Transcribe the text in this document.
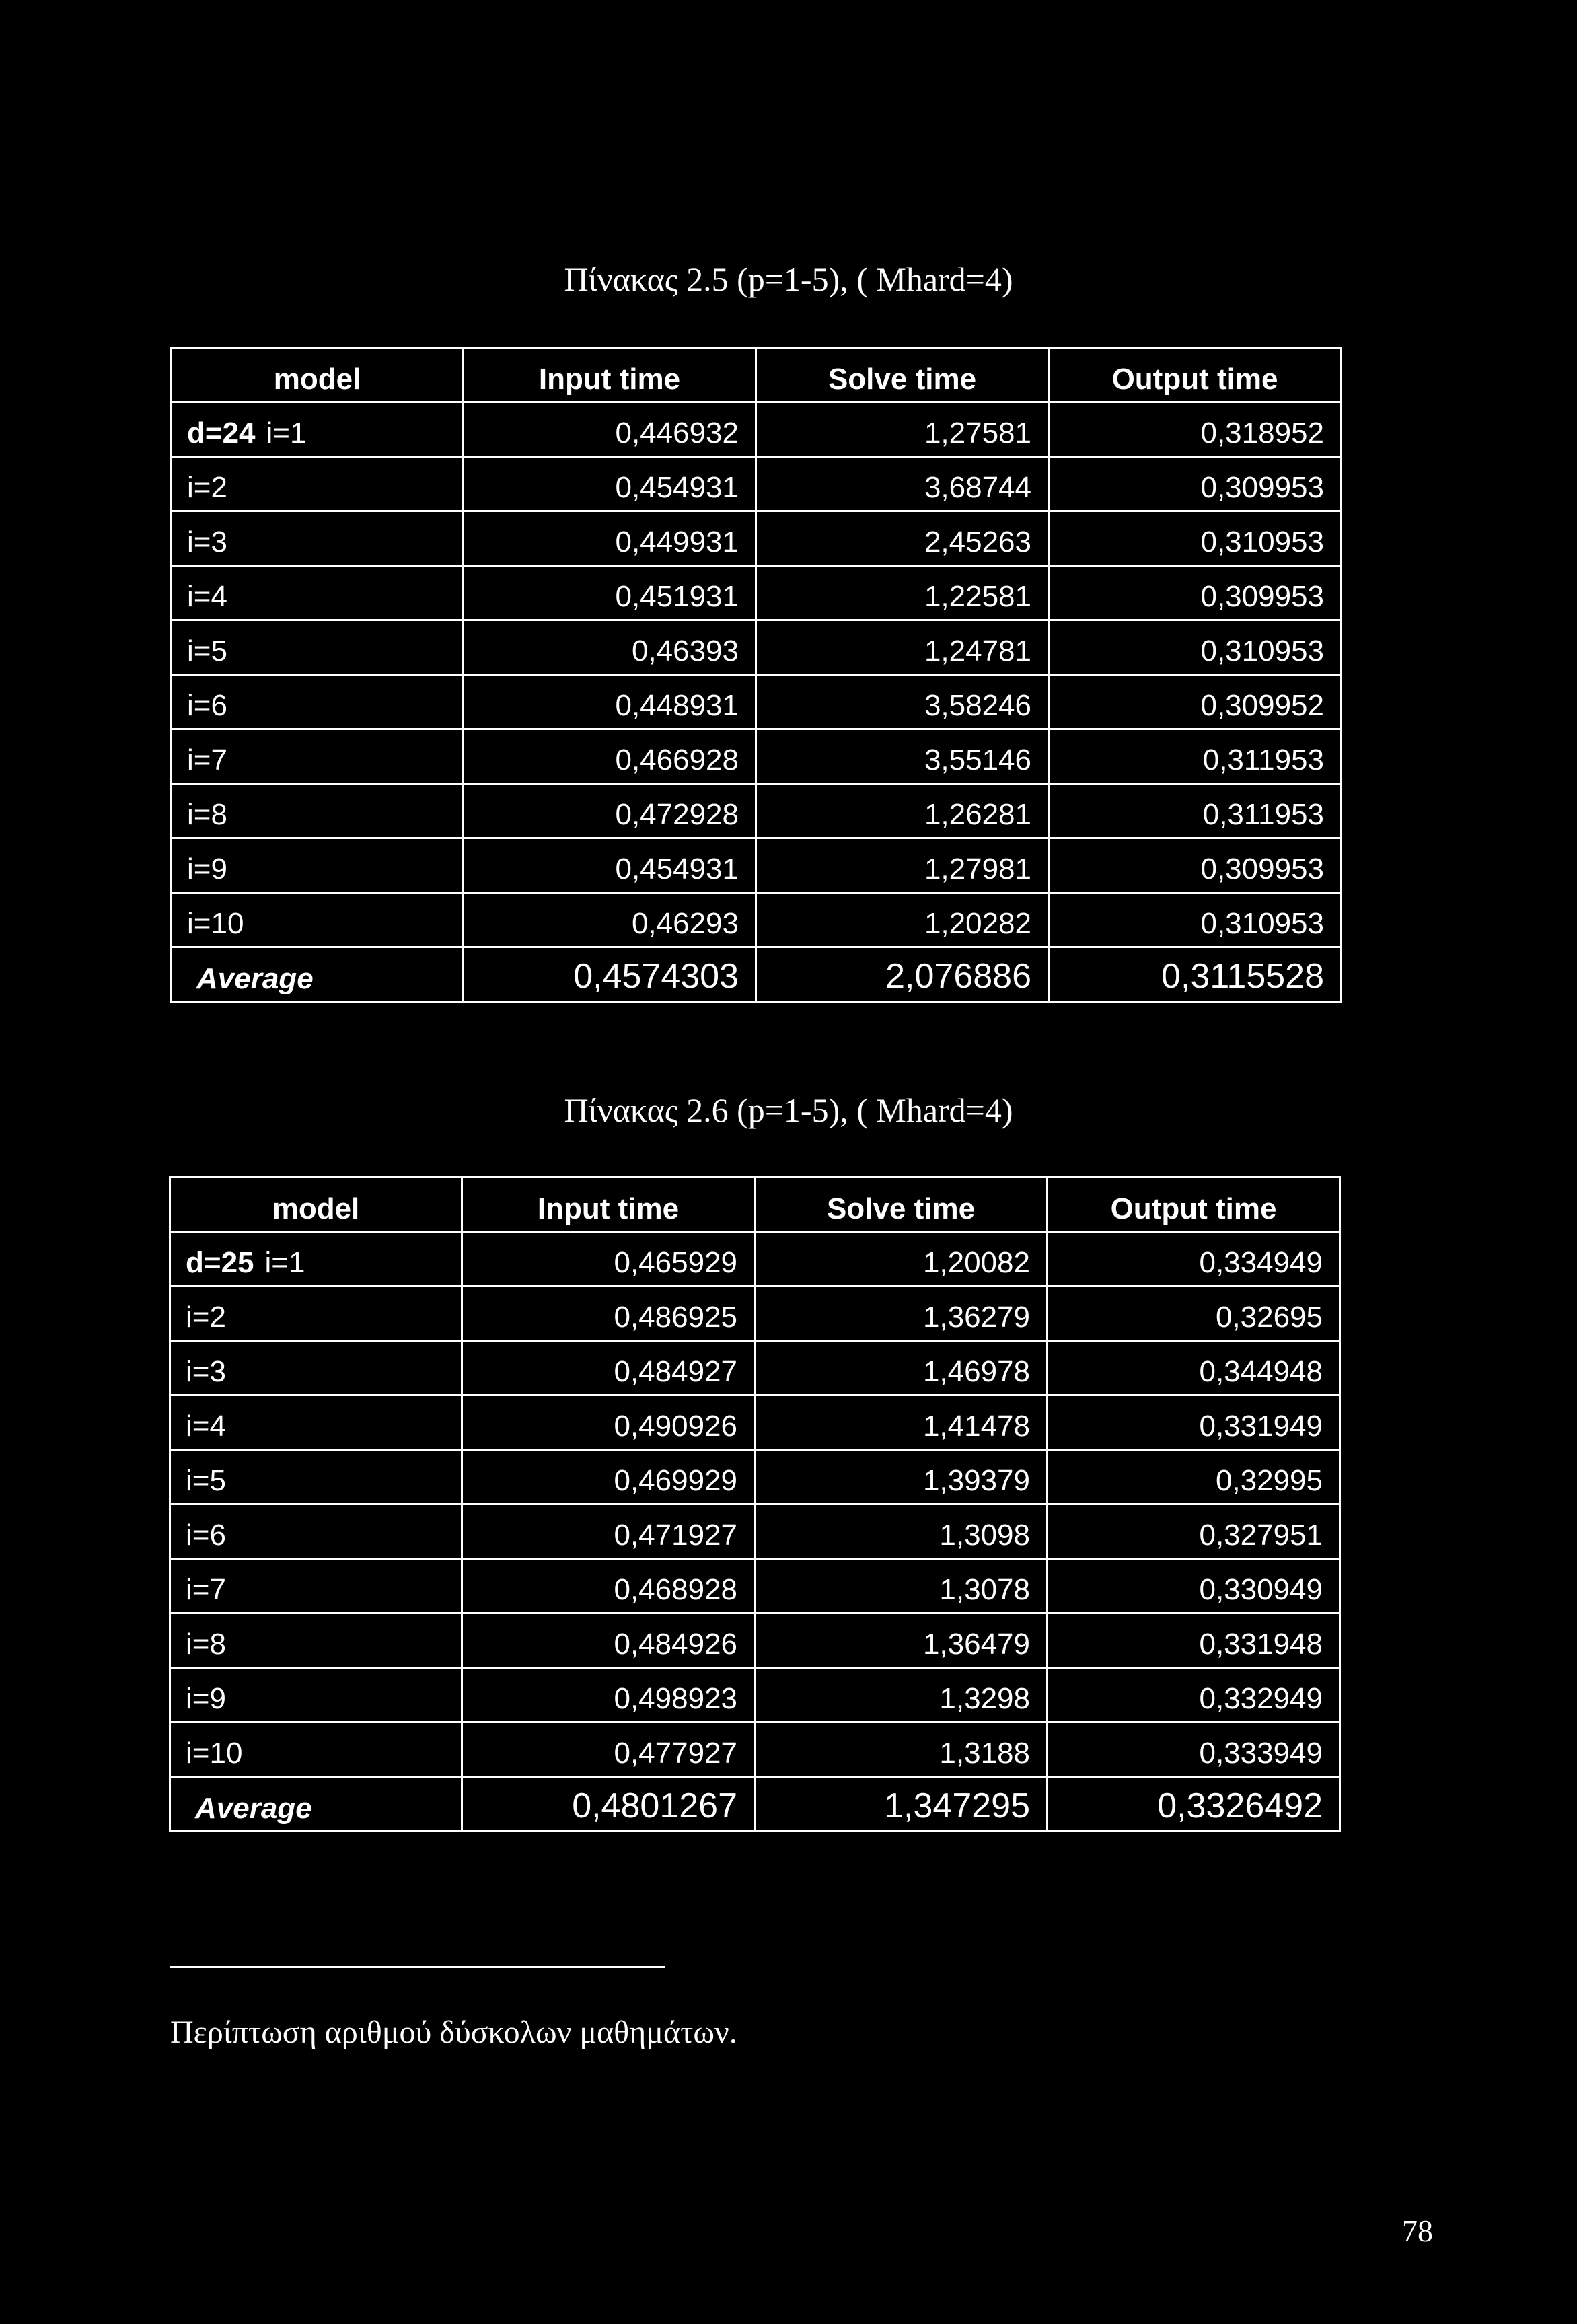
Πίνακας 2.5 (p=1-5), ( Mhard=4)
model	Input time	Solve time	Output time
d=24 i=1	0,446932	1,27581	0,318952
i=2	0,454931	3,68744	0,309953
i=3	0,449931	2,45263	0,310953
i=4	0,451931	1,22581	0,309953
i=5	0,46393	1,24781	0,310953
i=6	0,448931	3,58246	0,309952
i=7	0,466928	3,55146	0,311953
i=8	0,472928	1,26281	0,311953
i=9	0,454931	1,27981	0,309953
i=10	0,46293	1,20282	0,310953
Average	0,4574303	2,076886	0,3115528
Πίνακας 2.6 (p=1-5), ( Mhard=4)
model	Input time	Solve time	Output time
d=25 i=1	0,465929	1,20082	0,334949
i=2	0,486925	1,36279	0,32695
i=3	0,484927	1,46978	0,344948
i=4	0,490926	1,41478	0,331949
i=5	0,469929	1,39379	0,32995
i=6	0,471927	1,3098	0,327951
i=7	0,468928	1,3078	0,330949
i=8	0,484926	1,36479	0,331948
i=9	0,498923	1,3298	0,332949
i=10	0,477927	1,3188	0,333949
Average	0,4801267	1,347295	0,3326492
Περίπτωση αριθμού δύσκολων μαθημάτων.
78
